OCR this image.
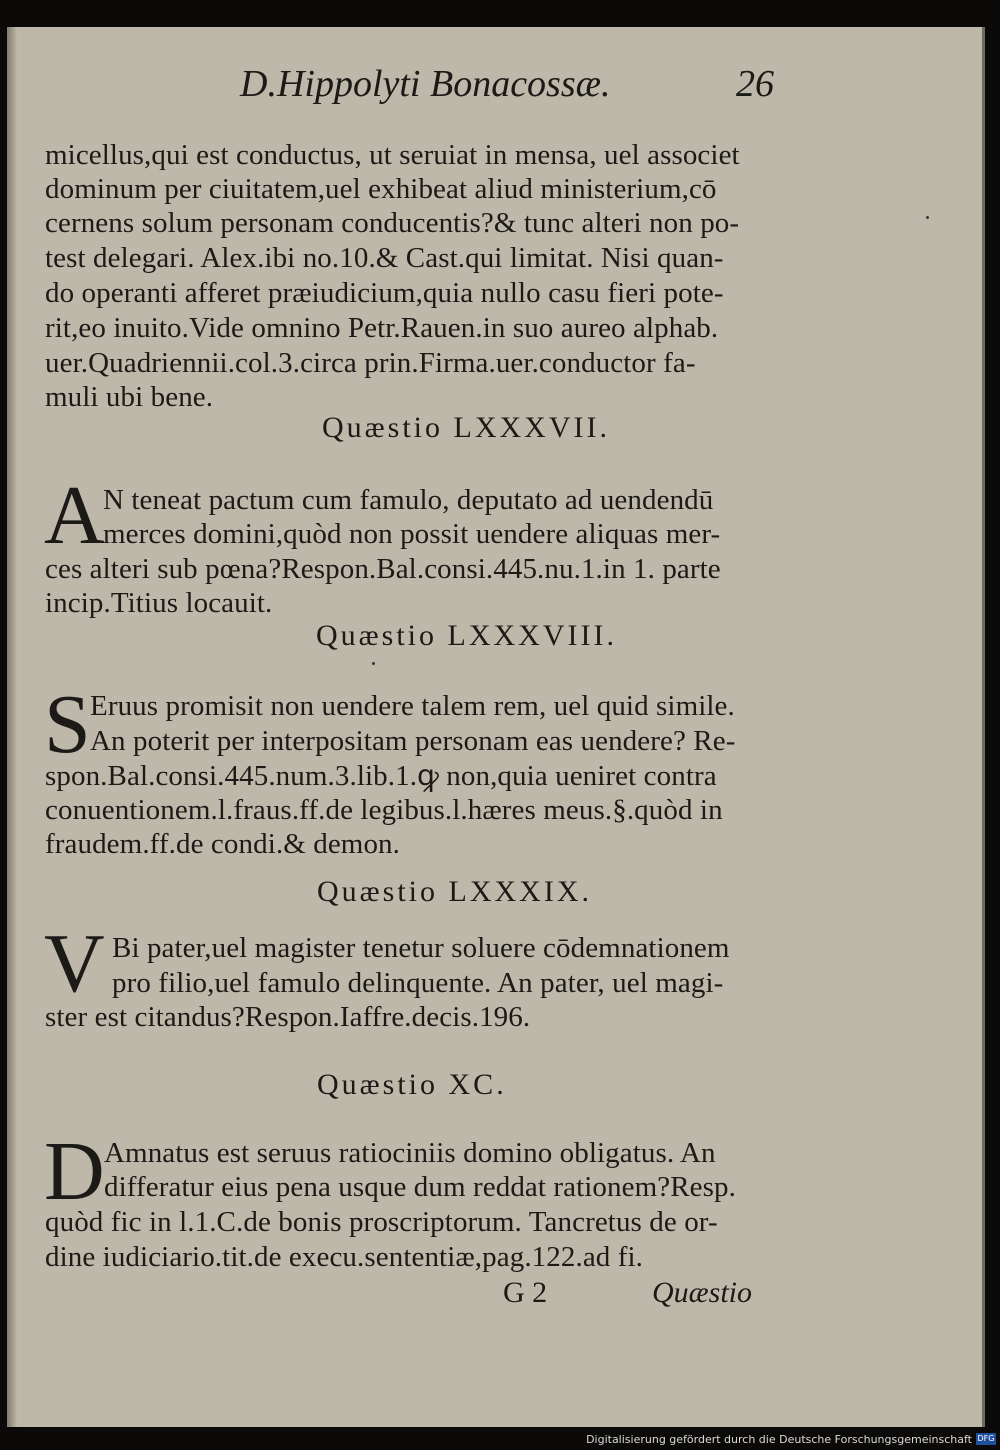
D.Hippolyti Bonacossæ.	26
micellus,qui est conductus, ut seruiat in mensa, uel associet
dominum per ciuitatem,uel exhibeat aliud ministerium,cō
cernens solum personam conducentis?& tunc alteri non po-
test delegari. Alex.ibi no.10.& Cast.qui limitat. Nisi quan-
do operanti afferet præiudicium,quia nullo casu fieri pote-
rit,eo inuito.Vide omnino Petr.Rauen.in suo aureo alphab.
uer.Quadriennii.col.3.circa prin.Firma.uer.conductor fa-
muli ubi bene.
Quæstio LXXXVII.
A
N teneat pactum cum famulo, deputato ad uendendū
merces domini,quòd non possit uendere aliquas mer-
ces alteri sub pœna?Respon.Bal.consi.445.nu.1.in 1. parte
incip.Titius locauit.
Quæstio LXXXVIII.
S Eruus promisit non uendere talem rem, uel quid simile.
An poterit per interpositam personam eas uendere? Re-
spon.Bal.consi.445.num.3.lib.1.ꝙ non,quia ueniret contra
conuentionem.l.fraus.ff.de legibus.l.hæres meus.§.quòd in
fraudem.ff.de condi.& demon.
Quæstio LXXXIX.
V Bi pater,uel magister tenetur soluere cōdemnationem
pro filio,uel famulo delinquente. An pater, uel magi-
ster est citandus?Respon.Iaffre.decis.196.
Quæstio XC.
D Amnatus est seruus ratiociniis domino obligatus. An
differatur eius pena usque dum reddat rationem?Resp.
quòd fic in l.1.C.de bonis proscriptorum. Tancretus de or-
dine iudiciario.tit.de execu.sententiæ,pag.122.ad fi.
G 2	Quæstio
Digitalisierung gefördert durch die Deutsche Forschungsgemeinschaft DFG
